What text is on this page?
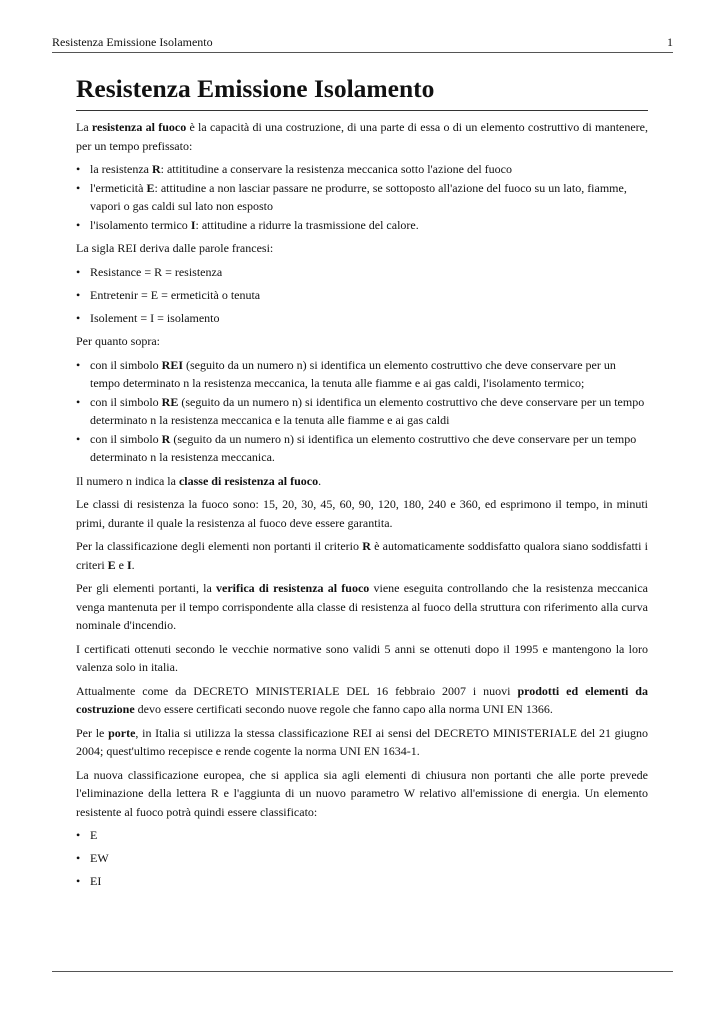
Resistenza Emissione Isolamento	1
Resistenza Emissione Isolamento

La resistenza al fuoco è la capacità di una costruzione, di una parte di essa o di un elemento costruttivo di mantenere, per un tempo prefissato:

• la resistenza R: attititudine a conservare la resistenza meccanica sotto l'azione del fuoco
• l'ermeticità E: attitudine a non lasciar passare ne produrre, se sottoposto all'azione del fuoco su un lato, fiamme, vapori o gas caldi sul lato non esposto
• l'isolamento termico I: attitudine a ridurre la trasmissione del calore.

La sigla REI deriva dalle parole francesi:

• Resistance = R = resistenza
• Entretenir = E = ermeticità o tenuta
• Isolement = I = isolamento

Per quanto sopra:

• con il simbolo REI (seguito da un numero n) si identifica un elemento costruttivo che deve conservare per un tempo determinato n la resistenza meccanica, la tenuta alle fiamme e ai gas caldi, l'isolamento termico;
• con il simbolo RE (seguito da un numero n) si identifica un elemento costruttivo che deve conservare per un tempo determinato n la resistenza meccanica e la tenuta alle fiamme e ai gas caldi
• con il simbolo R (seguito da un numero n) si identifica un elemento costruttivo che deve conservare per un tempo determinato n la resistenza meccanica.

Il numero n indica la classe di resistenza al fuoco.

Le classi di resistenza la fuoco sono: 15, 20, 30, 45, 60, 90, 120, 180, 240 e 360, ed esprimono il tempo, in minuti primi, durante il quale la resistenza al fuoco deve essere garantita.

Per la classificazione degli elementi non portanti il criterio R è automaticamente soddisfatto qualora siano soddisfatti i criteri E e I.

Per gli elementi portanti, la verifica di resistenza al fuoco viene eseguita controllando che la resistenza meccanica venga mantenuta per il tempo corrispondente alla classe di resistenza al fuoco della struttura con riferimento alla curva nominale d'incendio.

I certificati ottenuti secondo le vecchie normative sono validi 5 anni se ottenuti dopo il 1995 e mantengono la loro valenza solo in italia.

Attualmente come da DECRETO MINISTERIALE DEL 16 febbraio 2007 i nuovi prodotti ed elementi da costruzione devo essere certificati secondo nuove regole che fanno capo alla norma UNI EN 1366.

Per le porte, in Italia si utilizza la stessa classificazione REI ai sensi del DECRETO MINISTERIALE del 21 giugno 2004; quest'ultimo recepisce e rende cogente la norma UNI EN 1634-1.

La nuova classificazione europea, che si applica sia agli elementi di chiusura non portanti che alle porte prevede l'eliminazione della lettera R e l'aggiunta di un nuovo parametro W relativo all'emissione di energia. Un elemento resistente al fuoco potrà quindi essere classificato:

• E
• EW
• EI
